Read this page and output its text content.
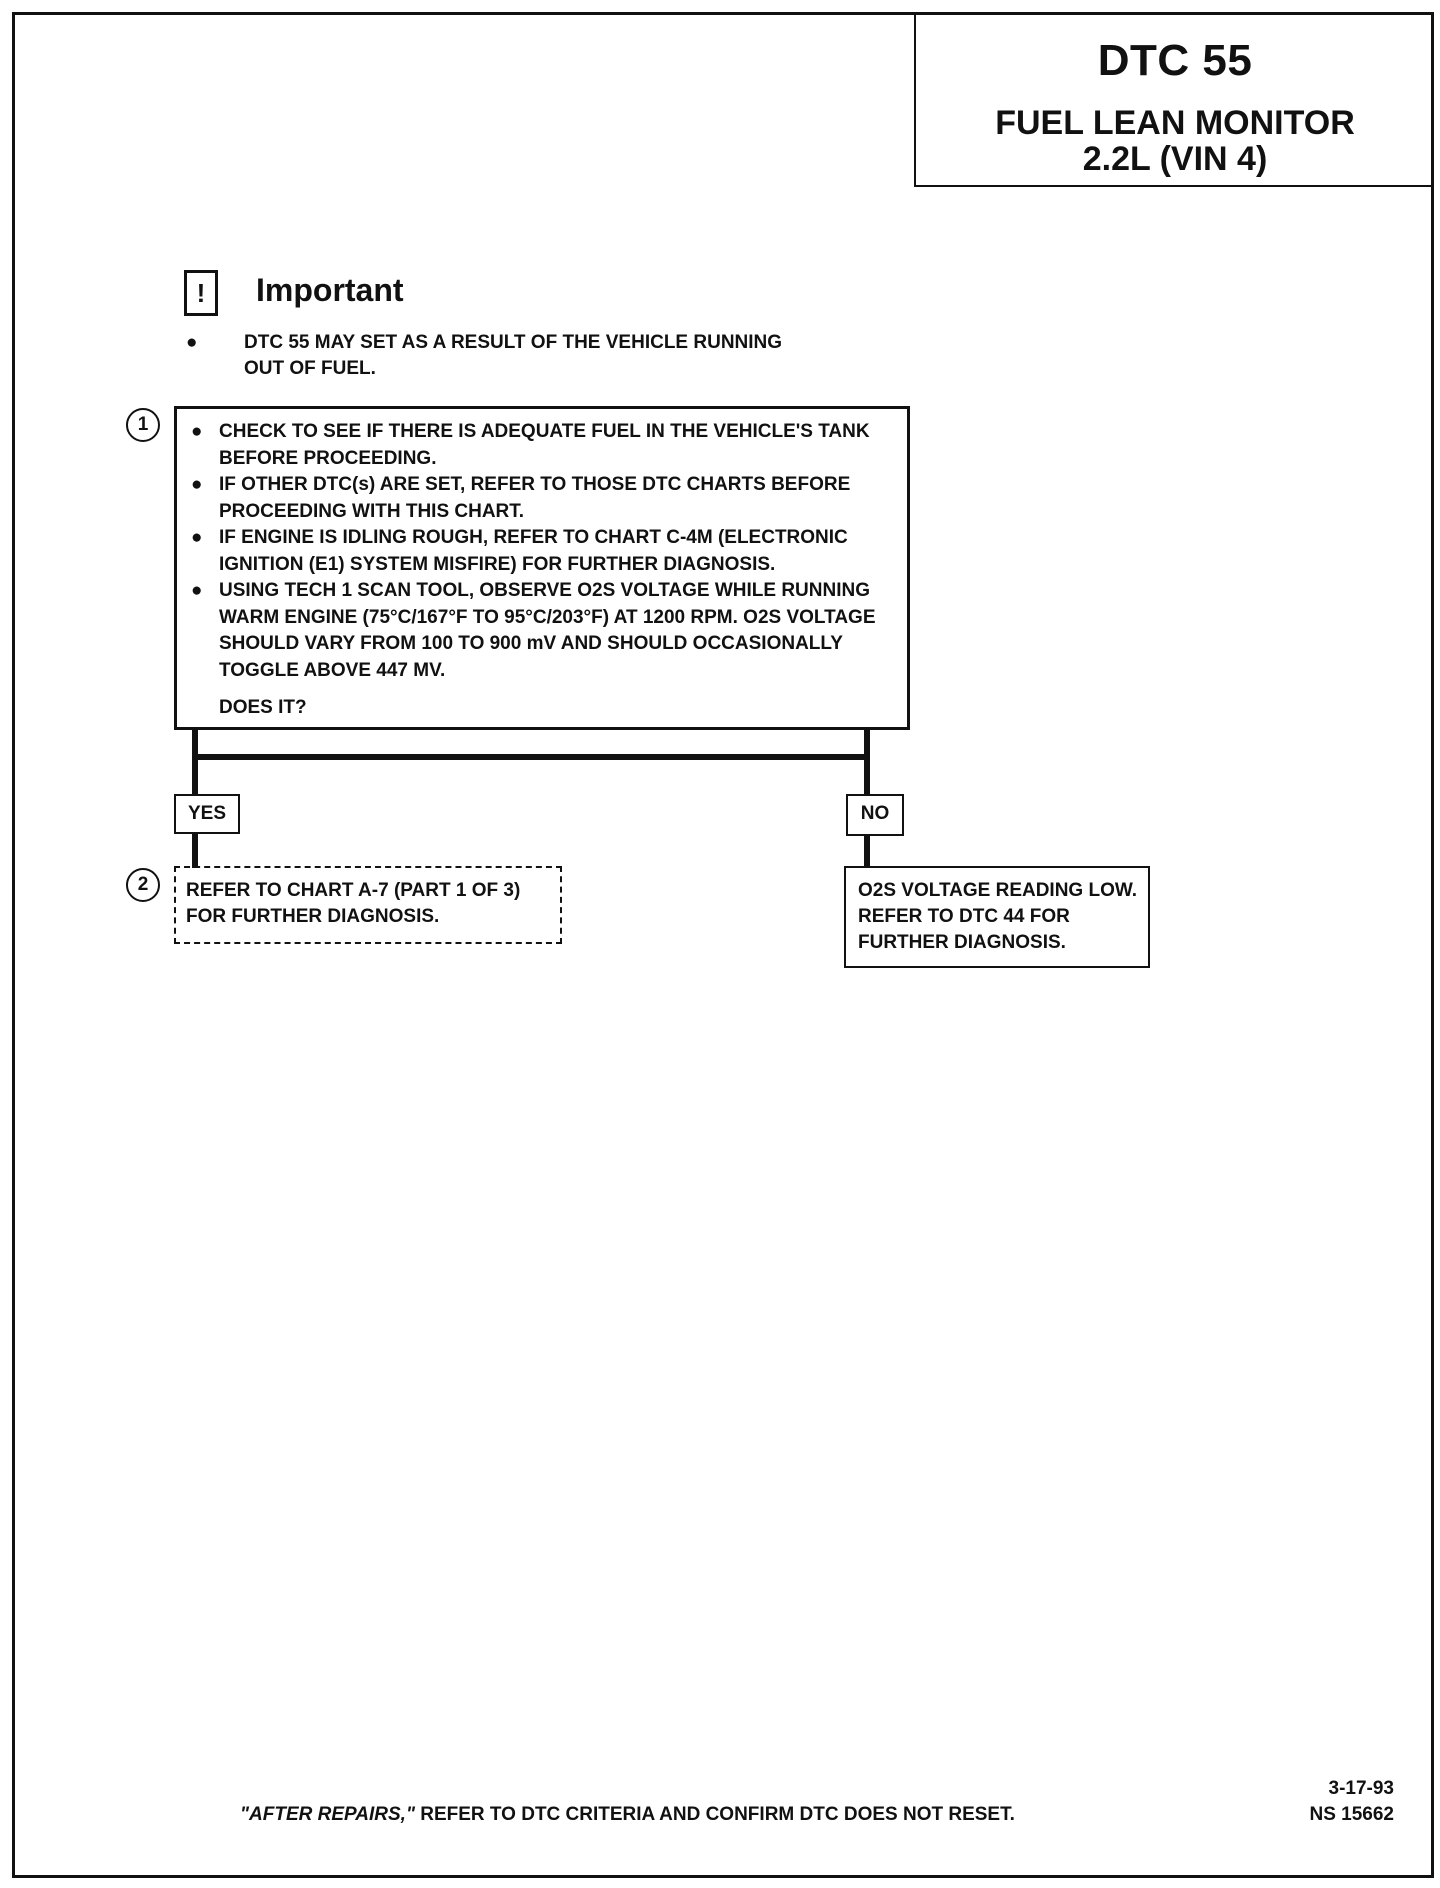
DTC 55
FUEL LEAN MONITOR
2.2L (VIN 4)
!	Important
● DTC 55 MAY SET AS A RESULT OF THE VEHICLE RUNNING OUT OF FUEL.
1	● CHECK TO SEE IF THERE IS ADEQUATE FUEL IN THE VEHICLE'S TANK BEFORE PROCEEDING.
● IF OTHER DTC(s) ARE SET, REFER TO THOSE DTC CHARTS BEFORE PROCEEDING WITH THIS CHART.
● IF ENGINE IS IDLING ROUGH, REFER TO CHART C-4M (ELECTRONIC IGNITION (E1) SYSTEM MISFIRE) FOR FURTHER DIAGNOSIS.
● USING TECH 1 SCAN TOOL, OBSERVE O2S VOLTAGE WHILE RUNNING WARM ENGINE (75°C/167°F TO 95°C/203°F) AT 1200 RPM. O2S VOLTAGE SHOULD VARY FROM 100 TO 900 mV AND SHOULD OCCASIONALLY TOGGLE ABOVE 447 MV.
DOES IT?
YES	NO
2	REFER TO CHART A-7 (PART 1 OF 3) FOR FURTHER DIAGNOSIS.
O2S VOLTAGE READING LOW. REFER TO DTC 44 FOR FURTHER DIAGNOSIS.
"AFTER REPAIRS," REFER TO DTC CRITERIA AND CONFIRM DTC DOES NOT RESET.
3-17-93
NS 15662
